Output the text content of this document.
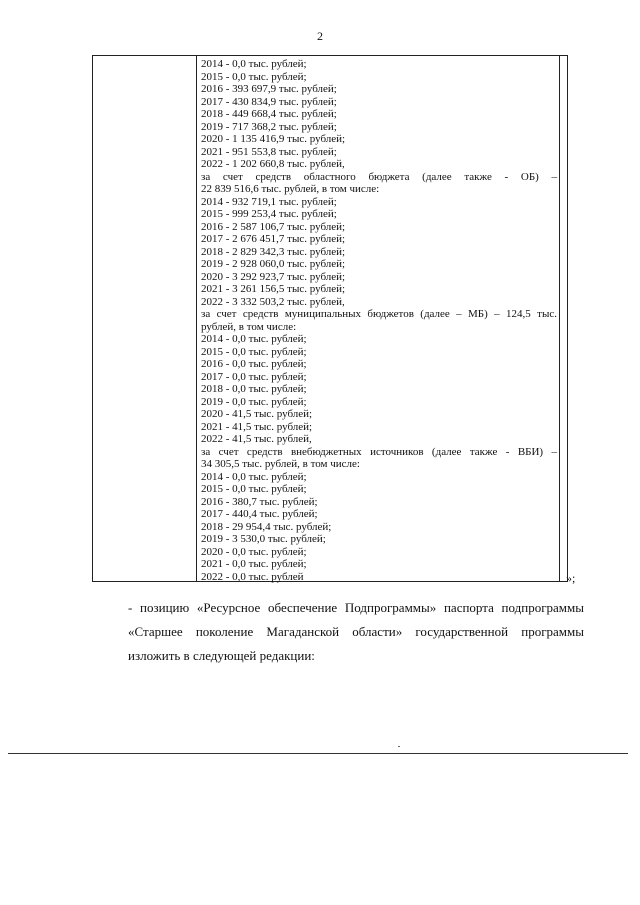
2
2014 - 0,0 тыс. рублей;
2015 - 0,0 тыс. рублей;
2016 - 393 697,9 тыс. рублей;
2017 - 430 834,9 тыс. рублей;
2018 - 449 668,4 тыс. рублей;
2019 - 717 368,2 тыс. рублей;
2020 - 1 135 416,9 тыс. рублей;
2021 - 951 553,8 тыс. рублей;
2022 - 1 202 660,8 тыс. рублей,
за счет средств областного бюджета (далее также - ОБ) –
22 839 516,6 тыс. рублей, в том числе:
2014 - 932 719,1 тыс. рублей;
2015 - 999 253,4 тыс. рублей;
2016 - 2 587 106,7 тыс. рублей;
2017 - 2 676 451,7 тыс. рублей;
2018 - 2 829 342,3 тыс. рублей;
2019 - 2 928 060,0 тыс. рублей;
2020 - 3 292 923,7 тыс. рублей;
2021 - 3 261 156,5 тыс. рублей;
2022 - 3 332 503,2 тыс. рублей,
за счет средств муниципальных бюджетов (далее – МБ) – 124,5 тыс.
рублей, в том числе:
2014 - 0,0 тыс. рублей;
2015 - 0,0 тыс. рублей;
2016 - 0,0 тыс. рублей;
2017 - 0,0 тыс. рублей;
2018 - 0,0 тыс. рублей;
2019 - 0,0 тыс. рублей;
2020 - 41,5 тыс. рублей;
2021 - 41,5 тыс. рублей;
2022 - 41,5 тыс. рублей,
за счет средств внебюджетных источников (далее также - ВБИ) –
34 305,5 тыс. рублей, в том числе:
2014 - 0,0 тыс. рублей;
2015 - 0,0 тыс. рублей;
2016 - 380,7 тыс. рублей;
2017 - 440,4 тыс. рублей;
2018 - 29 954,4 тыс. рублей;
2019 - 3 530,0 тыс. рублей;
2020 - 0,0 тыс. рублей;
2021 - 0,0 тыс. рублей;
2022 - 0,0 тыс. рублей	»;
- позицию «Ресурсное обеспечение Подпрограммы» паспорта подпрограммы «Старшее поколение Магаданской области» государственной программы изложить в следующей редакции:
